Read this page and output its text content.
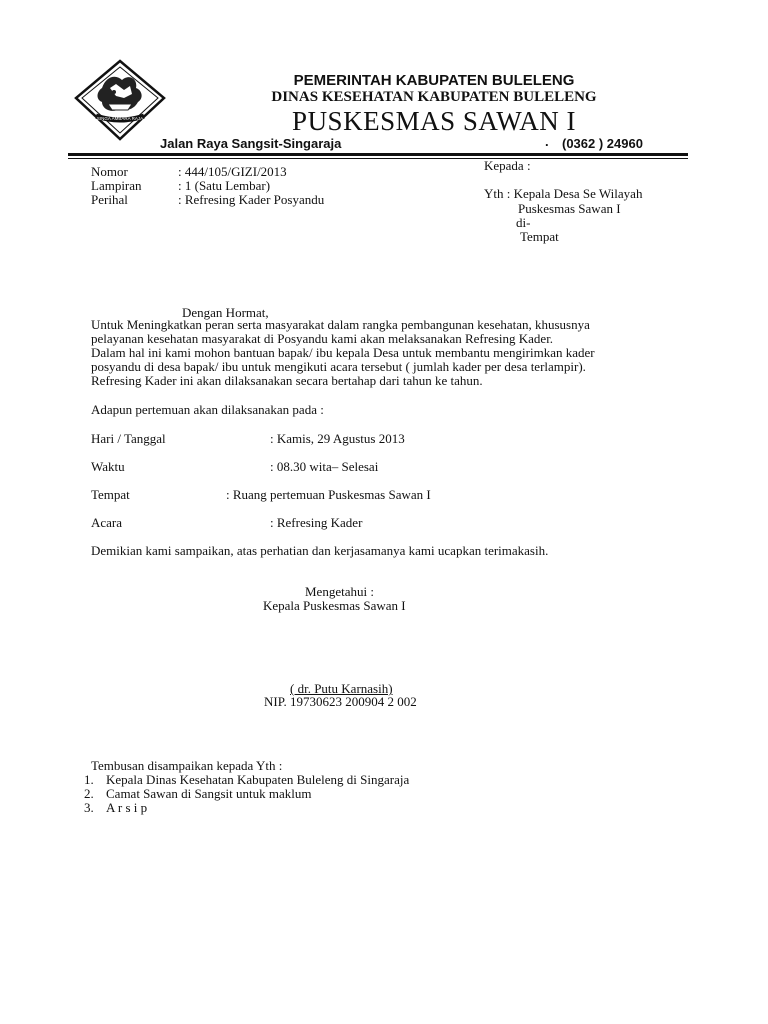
SINGA AMBARA RAJA
PEMERINTAH KABUPATEN BULELENG
DINAS KESEHATAN KABUPATEN BULELENG
PUSKESMAS SAWAN I
Jalan Raya Sangsit-Singaraja	. (0362 ) 24960
Nomor	: 444/105/GIZI/2013
Lampiran	: 1 (Satu Lembar)
Perihal	: Refresing Kader Posyandu
Kepada :
Yth : Kepala Desa Se Wilayah
Puskesmas Sawan I
di-
Tempat
Dengan Hormat,
Untuk Meningkatkan peran serta masyarakat dalam rangka pembangunan kesehatan, khususnya
pelayanan kesehatan masyarakat di Posyandu kami akan melaksanakan Refresing Kader.
Dalam hal ini kami mohon bantuan bapak/ ibu kepala Desa untuk membantu mengirimkan kader
posyandu di desa bapak/ ibu untuk mengikuti acara tersebut ( jumlah kader per desa terlampir).
Refresing Kader ini akan dilaksanakan secara bertahap dari tahun ke tahun.
Adapun pertemuan akan dilaksanakan pada :
Hari / Tanggal	: Kamis, 29 Agustus 2013
Waktu	: 08.30 wita– Selesai
Tempat	: Ruang pertemuan Puskesmas Sawan I
Acara	: Refresing Kader
Demikian kami sampaikan, atas perhatian dan kerjasamanya kami ucapkan terimakasih.
Mengetahui :
Kepala Puskesmas Sawan I
( dr. Putu Karnasih)
NIP. 19730623 200904 2 002
Tembusan disampaikan kepada Yth :
1. Kepala Dinas Kesehatan Kabupaten Buleleng di Singaraja
2. Camat Sawan di Sangsit untuk maklum
3. A r s i p
